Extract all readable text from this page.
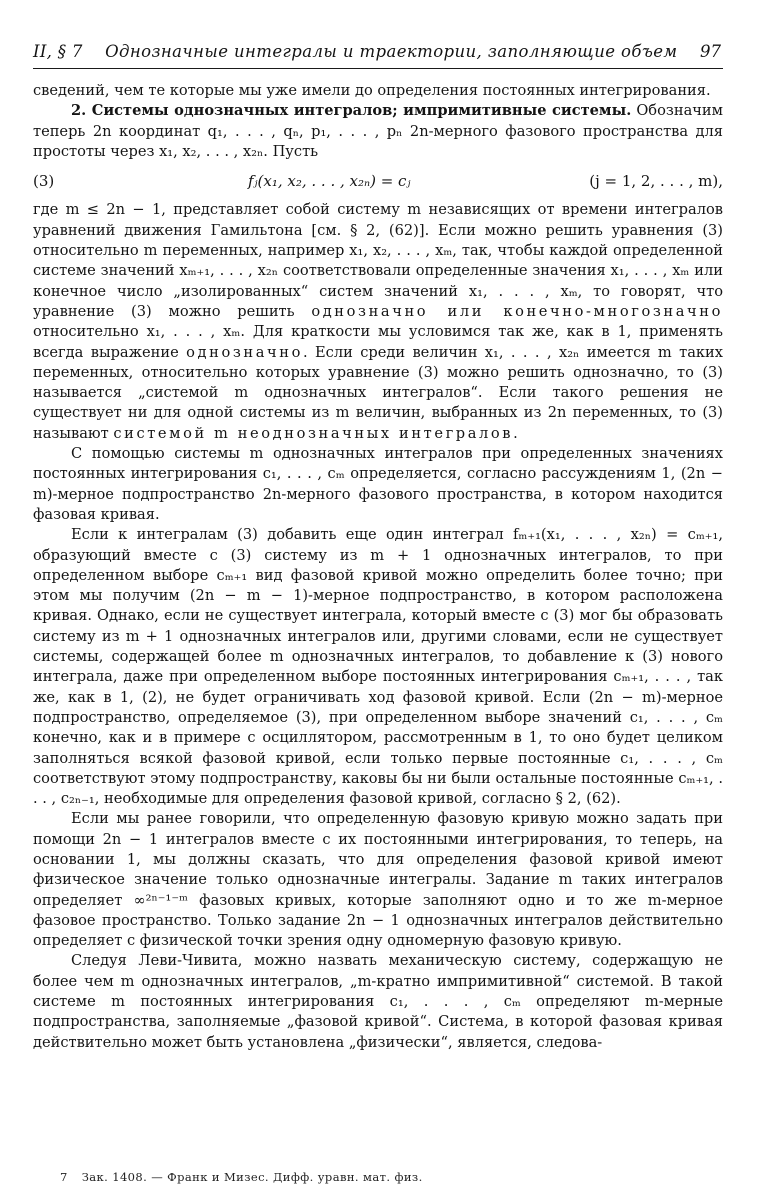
II, § 7	Однозначные интегралы и траектории, заполняющие объем	97

сведений, чем те которые мы уже имели до определения постоянных интегрирования.

2. Системы однозначных интегралов; импримитивные системы. Обозначим теперь 2n координат q₁, . . . , qₙ, p₁, . . . , pₙ 2n-мерного фазового пространства для простоты через x₁, x₂, . . . , x₂ₙ. Пусть

(3)	fⱼ(x₁, x₂, . . . , x₂ₙ) = cⱼ	(j = 1, 2, . . . , m),

где m ≤ 2n − 1, представляет собой систему m независящих от времени интегралов уравнений движения Гамильтона [см. § 2, (62)]. Если можно решить уравнения (3) относительно m переменных, например x₁, x₂, . . . , xₘ, так, чтобы каждой определенной системе значений xₘ₊₁, . . . , x₂ₙ соответствовали определенные значения x₁, . . . , xₘ или конечное число „изолированных“ систем значений x₁, . . . , xₘ, то говорят, что уравнение (3) можно решить однозначно или конечно-многозначно относительно x₁, . . . , xₘ. Для краткости мы условимся так же, как в 1, применять всегда выражение однозначно. Если среди величин x₁, . . . , x₂ₙ имеется m таких переменных, относительно которых уравнение (3) можно решить однозначно, то (3) называется „системой m однозначных интегралов“. Если такого решения не существует ни для одной системы из m величин, выбранных из 2n переменных, то (3) называют системой m неоднозначных интегралов.

С помощью системы m однозначных интегралов при определенных значениях постоянных интегрирования c₁, . . . , cₘ определяется, согласно рассуждениям 1, (2n − m)-мерное подпространство 2n-мерного фазового пространства, в котором находится фазовая кривая.

Если к интегралам (3) добавить еще один интеграл fₘ₊₁(x₁, . . . , x₂ₙ) = cₘ₊₁, образующий вместе с (3) систему из m + 1 однозначных интегралов, то при определенном выборе cₘ₊₁ вид фазовой кривой можно определить более точно; при этом мы получим (2n − m − 1)-мерное подпространство, в котором расположена кривая. Однако, если не существует интеграла, который вместе с (3) мог бы образовать систему из m + 1 однозначных интегралов или, другими словами, если не существует системы, содержащей более m однозначных интегралов, то добавление к (3) нового интеграла, даже при определенном выборе постоянных интегрирования cₘ₊₁, . . . , так же, как в 1, (2), не будет ограничивать ход фазовой кривой. Если (2n − m)-мерное подпространство, определяемое (3), при определенном выборе значений c₁, . . . , cₘ конечно, как и в примере с осциллятором, рассмотренным в 1, то оно будет целиком заполняться всякой фазовой кривой, если только первые постоянные c₁, . . . , cₘ соответствуют этому подпространству, каковы бы ни были остальные постоянные cₘ₊₁, . . . , c₂ₙ₋₁, необходимые для определения фазовой кривой, согласно § 2, (62).

Если мы ранее говорили, что определенную фазовую кривую можно задать при помощи 2n − 1 интегралов вместе с их постоянными интегрирования, то теперь, на основании 1, мы должны сказать, что для определения фазовой кривой имеют физическое значение только однозначные интегралы. Задание m таких интегралов определяет ∞²ⁿ⁻¹⁻ᵐ фазовых кривых, которые заполняют одно и то же m-мерное фазовое пространство. Только задание 2n − 1 однозначных интегралов действительно определяет с физической точки зрения одну одномерную фазовую кривую.

Следуя Леви-Чивита, можно назвать механическую систему, содержащую не более чем m однозначных интегралов, „m-кратно импримитивной“ системой. В такой системе m постоянных интегрирования c₁, . . . , cₘ определяют m-мерные подпространства, заполняемые „фазовой кривой“. Система, в которой фазовая кривая действительно может быть установлена „физически“, является, следова-

7 Зак. 1408. — Франк и Мизес. Дифф. уравн. мат. физ.
